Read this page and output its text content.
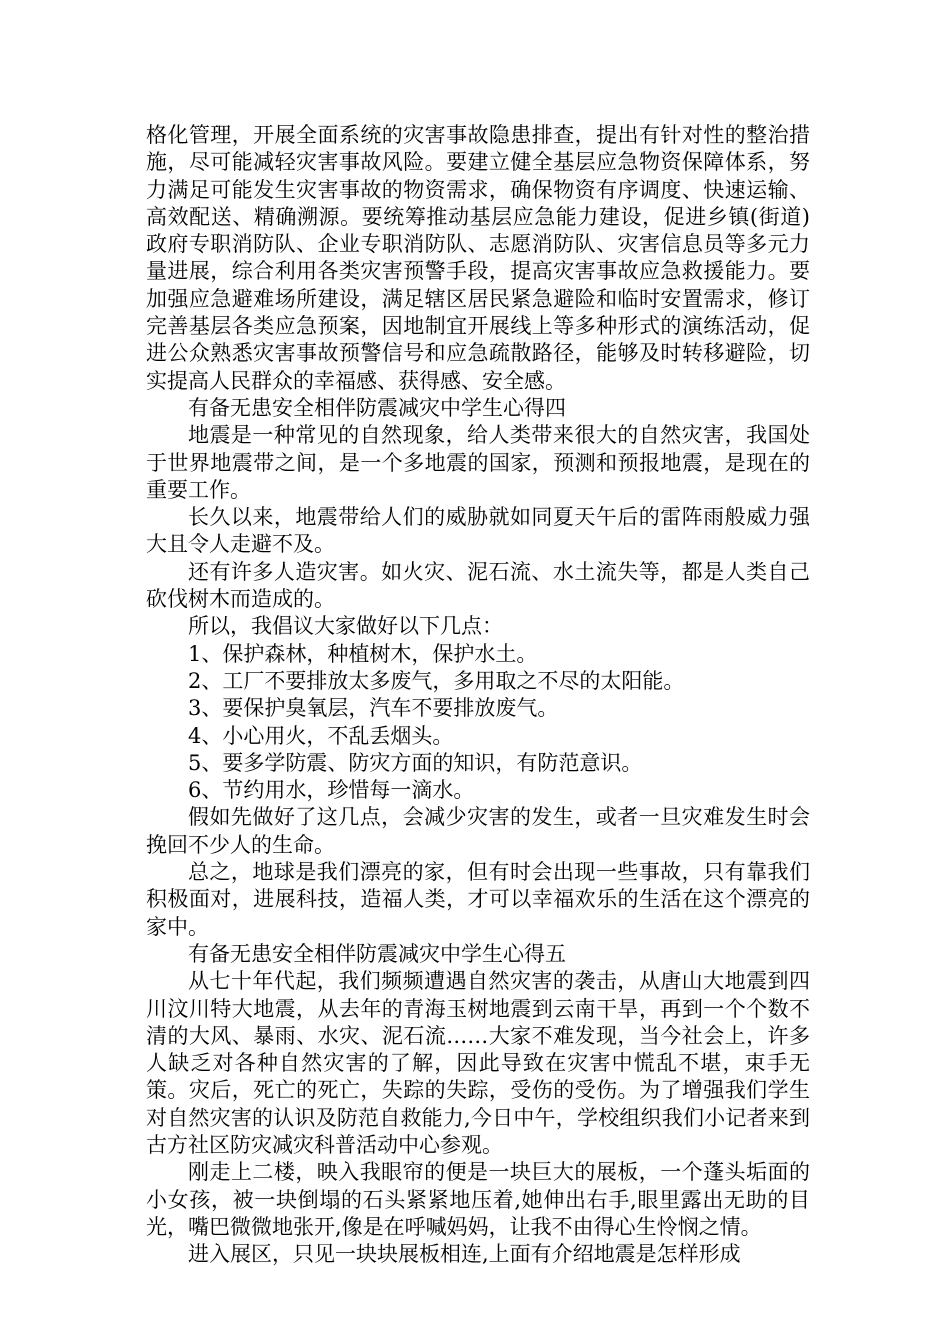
格化管理，开展全面系统的灾害事故隐患排查，提出有针对性的整治措施，尽可能减轻灾害事故风险。要建立健全基层应急物资保障体系，努力满足可能发生灾害事故的物资需求，确保物资有序调度、快速运输、高效配送、精确溯源。要统筹推动基层应急能力建设，促进乡镇(街道)政府专职消防队、企业专职消防队、志愿消防队、灾害信息员等多元力量进展，综合利用各类灾害预警手段，提高灾害事故应急救援能力。要加强应急避难场所建设，满足辖区居民紧急避险和临时安置需求，修订完善基层各类应急预案，因地制宜开展线上等多种形式的演练活动，促进公众熟悉灾害事故预警信号和应急疏散路径，能够及时转移避险，切实提高人民群众的幸福感、获得感、安全感。

有备无患安全相伴防震减灾中学生心得四

地震是一种常见的自然现象，给人类带来很大的自然灾害，我国处于世界地震带之间，是一个多地震的国家，预测和预报地震，是现在的重要工作。

长久以来，地震带给人们的威胁就如同夏天午后的雷阵雨般威力强大且令人走避不及。

还有许多人造灾害。如火灾、泥石流、水土流失等，都是人类自己砍伐树木而造成的。

所以，我倡议大家做好以下几点：

1、保护森林，种植树木，保护水土。

2、工厂不要排放太多废气，多用取之不尽的太阳能。

3、要保护臭氧层，汽车不要排放废气。

4、小心用火，不乱丢烟头。

5、要多学防震、防灾方面的知识，有防范意识。

6、节约用水，珍惜每一滴水。

假如先做好了这几点，会减少灾害的发生，或者一旦灾难发生时会挽回不少人的生命。

总之，地球是我们漂亮的家，但有时会出现一些事故，只有靠我们积极面对，进展科技，造福人类，才可以幸福欢乐的生活在这个漂亮的家中。

有备无患安全相伴防震减灾中学生心得五

从七十年代起，我们频频遭遇自然灾害的袭击，从唐山大地震到四川汶川特大地震，从去年的青海玉树地震到云南干旱，再到一个个数不清的大风、暴雨、水灾、泥石流……大家不难发现，当今社会上，许多人缺乏对各种自然灾害的了解，因此导致在灾害中慌乱不堪，束手无策。灾后，死亡的死亡，失踪的失踪，受伤的受伤。为了增强我们学生对自然灾害的认识及防范自救能力,今日中午，学校组织我们小记者来到古方社区防灾减灾科普活动中心参观。

刚走上二楼，映入我眼帘的便是一块巨大的展板，一个蓬头垢面的小女孩，被一块倒塌的石头紧紧地压着,她伸出右手,眼里露出无助的目光，嘴巴微微地张开,像是在呼喊妈妈，让我不由得心生怜悯之情。

进入展区，只见一块块展板相连,上面有介绍地震是怎样形成
